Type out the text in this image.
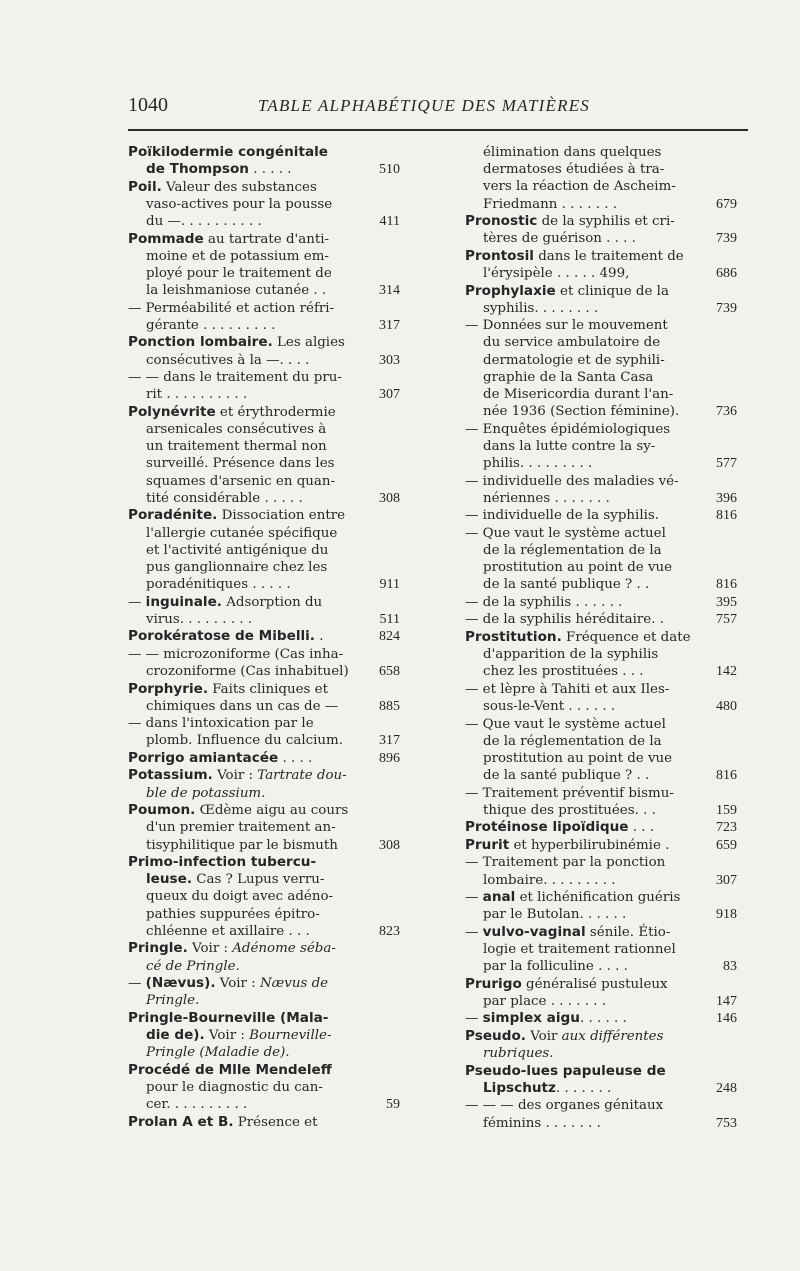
1040	TABLE ALPHABÉTIQUE DES MATIÈRES
Poïkilodermie congénitale
de Thompson . . . . .	510
Poil. Valeur des substances
vaso-actives pour la pousse
du —. . . . . . . . . .	411
Pommade au tartrate d'anti-
moine et de potassium em-
ployé pour le traitement de
la leishmaniose cutanée . .	314
— Perméabilité et action réfri-
gérante . . . . . . . . .	317
Ponction lombaire. Les algies
consécutives à la —. . . .	303
— — dans le traitement du pru-
rit . . . . . . . . . .	307
Polynévrite et érythrodermie
arsenicales consécutives à
un traitement thermal non
surveillé. Présence dans les
squames d'arsenic en quan-
tité considérable . . . . .	308
Poradénite. Dissociation entre
l'allergie cutanée spécifique
et l'activité antigénique du
pus ganglionnaire chez les
poradénitiques . . . . .	911
— inguinale. Adsorption du
virus. . . . . . . . .	511
Porokératose de Mibelli. .	824
— — microzoniforme (Cas inha-
crozoniforme (Cas inhabituel)	658
Porphyrie. Faits cliniques et
chimiques dans un cas de —	885
— dans l'intoxication par le
plomb. Influence du calcium.	317
Porrigo amiantacée . . . .	896
Potassium. Voir : Tartrate dou-
ble de potassium.
Poumon. Œdème aigu au cours
d'un premier traitement an-
tisyphilitique par le bismuth	308
Primo-infection tubercu-
leuse. Cas ? Lupus verru-
queux du doigt avec adéno-
pathies suppurées épitro-
chléenne et axillaire . . .	823
Pringle. Voir : Adénome séba-
cé de Pringle.
— (Nævus). Voir : Nævus de
Pringle.
Pringle-Bourneville (Mala-
die de). Voir : Bourneville-
Pringle (Maladie de).
Procédé de Mlle Mendeleff
pour le diagnostic du can-
cer. . . . . . . . . .	59
Prolan A et B. Présence et
élimination dans quelques
dermatoses étudiées à tra-
vers la réaction de Ascheim-
Friedmann . . . . . . .	679
Pronostic de la syphilis et cri-
tères de guérison . . . .	739
Prontosil dans le traitement de
l'érysipèle . . . . . 499,	686
Prophylaxie et clinique de la
syphilis. . . . . . . .	739
— Données sur le mouvement
du service ambulatoire de
dermatologie et de syphili-
graphie de la Santa Casa
de Misericordia durant l'an-
née 1936 (Section féminine).	736
— Enquêtes épidémiologiques
dans la lutte contre la sy-
philis. . . . . . . . .	577
— individuelle des maladies vé-
nériennes . . . . . . .	396
— individuelle de la syphilis.	816
— Que vaut le système actuel
de la réglementation de la
prostitution au point de vue
de la santé publique ? . .	816
— de la syphilis . . . . . .	395
— de la syphilis héréditaire. .	757
Prostitution. Fréquence et date
d'apparition de la syphilis
chez les prostituées . . .	142
— et lèpre à Tahiti et aux Iles-
sous-le-Vent . . . . . .	480
— Que vaut le système actuel
de la réglementation de la
prostitution au point de vue
de la santé publique ? . .	816
— Traitement préventif bismu-
thique des prostituées. . .	159
Protéinose lipoïdique . . .	723
Prurit et hyperbilirubinémie .	659
— Traitement par la ponction
lombaire. . . . . . . . .	307
— anal et lichénification guéris
par le Butolan. . . . . .	918
— vulvo-vaginal sénile. Étio-
logie et traitement rationnel
par la folliculine . . . .	83
Prurigo généralisé pustuleux
par place . . . . . . .	147
— simplex aigu. . . . . .	146
Pseudo. Voir aux différentes
rubriques.
Pseudo-lues papuleuse de
Lipschutz. . . . . . .	248
— — — des organes génitaux
féminins . . . . . . .	753
